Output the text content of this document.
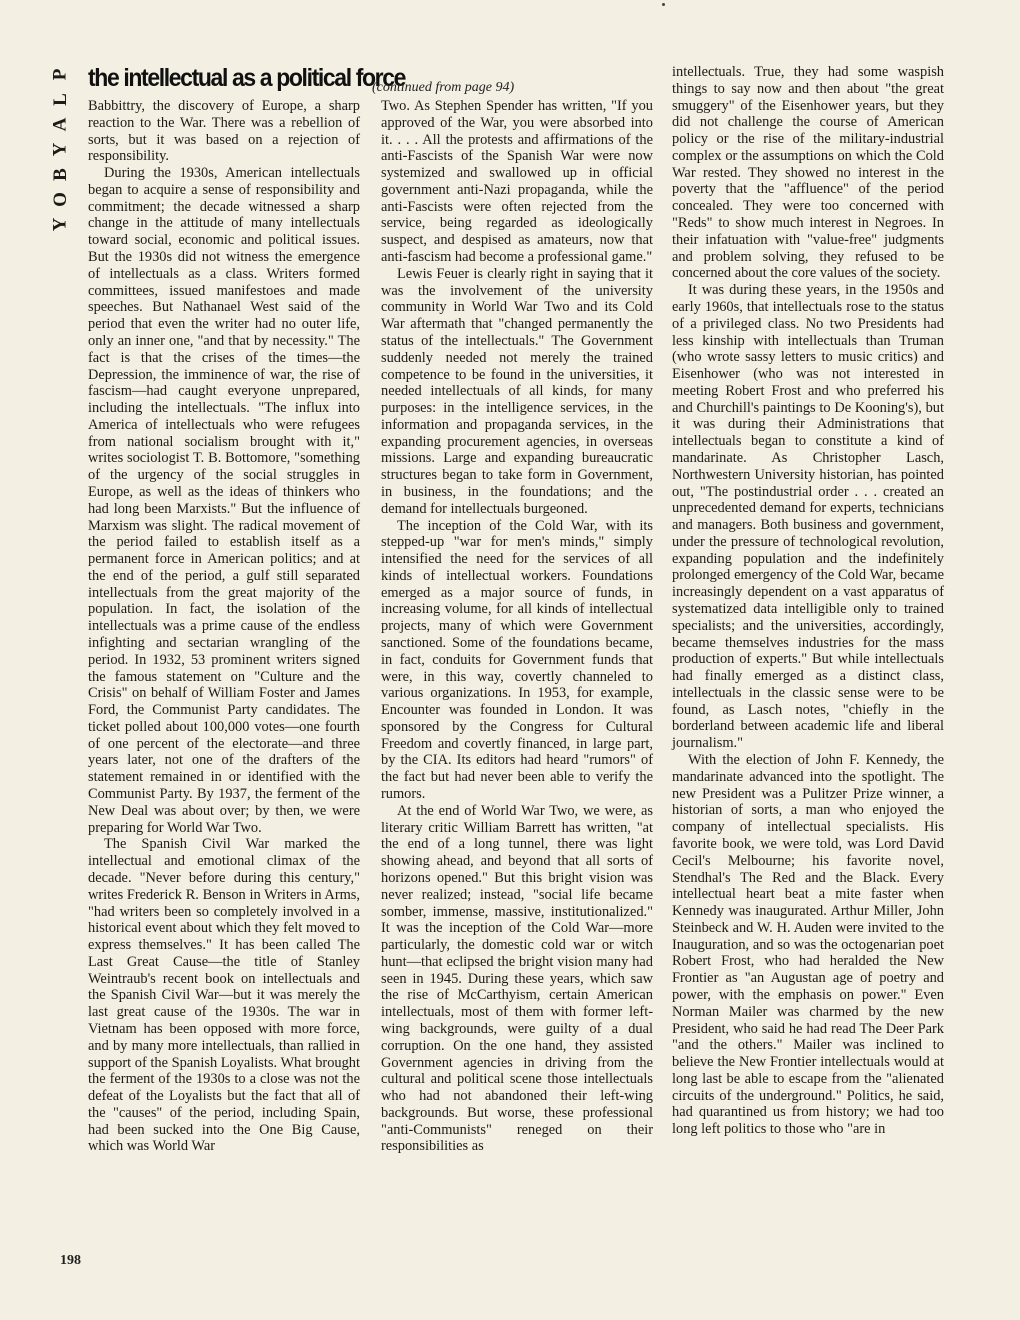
P
L
A
Y
B
O
Y
the intellectual as a political force
(continued from page 94)

Babbittry, the discovery of Europe, a sharp reaction to the War. There was a rebellion of sorts, but it was based on a rejection of responsibility.

During the 1930s, American intellectuals began to acquire a sense of responsibility and commitment; the decade witnessed a sharp change in the attitude of many intellectuals toward social, economic and political issues. But the 1930s did not witness the emergence of intellectuals as a class. Writers formed committees, issued manifestoes and made speeches. But Nathanael West said of the period that even the writer had no outer life, only an inner one, "and that by necessity." The fact is that the crises of the times—the Depression, the imminence of war, the rise of fascism—had caught everyone unprepared, including the intellectuals. "The influx into America of intellectuals who were refugees from national socialism brought with it," writes sociologist T. B. Bottomore, "something of the urgency of the social struggles in Europe, as well as the ideas of thinkers who had long been Marxists." But the influence of Marxism was slight. The radical movement of the period failed to establish itself as a permanent force in American politics; and at the end of the period, a gulf still separated intellectuals from the great majority of the population. In fact, the isolation of the intellectuals was a prime cause of the endless infighting and sectarian wrangling of the period. In 1932, 53 prominent writers signed the famous statement on "Culture and the Crisis" on behalf of William Foster and James Ford, the Communist Party candidates. The ticket polled about 100,000 votes—one fourth of one percent of the electorate—and three years later, not one of the drafters of the statement remained in or identified with the Communist Party. By 1937, the ferment of the New Deal was about over; by then, we were preparing for World War Two.

The Spanish Civil War marked the intellectual and emotional climax of the decade. "Never before during this century," writes Frederick R. Benson in Writers in Arms, "had writers been so completely involved in a historical event about which they felt moved to express themselves." It has been called The Last Great Cause—the title of Stanley Weintraub's recent book on intellectuals and the Spanish Civil War—but it was merely the last great cause of the 1930s. The war in Vietnam has been opposed with more force, and by many more intellectuals, than rallied in support of the Spanish Loyalists. What brought the ferment of the 1930s to a close was not the defeat of the Loyalists but the fact that all of the "causes" of the period, including Spain, had been sucked into the One Big Cause, which was World War

Two. As Stephen Spender has written, "If you approved of the War, you were absorbed into it. . . . All the protests and affirmations of the anti-Fascists of the Spanish War were now systemized and swallowed up in official government anti-Nazi propaganda, while the anti-Fascists were often rejected from the service, being regarded as ideologically suspect, and despised as amateurs, now that anti-fascism had become a professional game."

Lewis Feuer is clearly right in saying that it was the involvement of the university community in World War Two and its Cold War aftermath that "changed permanently the status of the intellectuals." The Government suddenly needed not merely the trained competence to be found in the universities, it needed intellectuals of all kinds, for many purposes: in the intelligence services, in the information and propaganda services, in the expanding procurement agencies, in overseas missions. Large and expanding bureaucratic structures began to take form in Government, in business, in the foundations; and the demand for intellectuals burgeoned.

The inception of the Cold War, with its stepped-up "war for men's minds," simply intensified the need for the services of all kinds of intellectual workers. Foundations emerged as a major source of funds, in increasing volume, for all kinds of intellectual projects, many of which were Government sanctioned. Some of the foundations became, in fact, conduits for Government funds that were, in this way, covertly channeled to various organizations. In 1953, for example, Encounter was founded in London. It was sponsored by the Congress for Cultural Freedom and covertly financed, in large part, by the CIA. Its editors had heard "rumors" of the fact but had never been able to verify the rumors.

At the end of World War Two, we were, as literary critic William Barrett has written, "at the end of a long tunnel, there was light showing ahead, and beyond that all sorts of horizons opened." But this bright vision was never realized; instead, "social life became somber, immense, massive, institutionalized." It was the inception of the Cold War—more particularly, the domestic cold war or witch hunt—that eclipsed the bright vision many had seen in 1945. During these years, which saw the rise of McCarthyism, certain American intellectuals, most of them with former left-wing backgrounds, were guilty of a dual corruption. On the one hand, they assisted Government agencies in driving from the cultural and political scene those intellectuals who had not abandoned their left-wing backgrounds. But worse, these professional "anti-Communists" reneged on their responsibilities as

intellectuals. True, they had some waspish things to say now and then about "the great smuggery" of the Eisenhower years, but they did not challenge the course of American policy or the rise of the military-industrial complex or the assumptions on which the Cold War rested. They showed no interest in the poverty that the "affluence" of the period concealed. They were too concerned with "Reds" to show much interest in Negroes. In their infatuation with "value-free" judgments and problem solving, they refused to be concerned about the core values of the society.

It was during these years, in the 1950s and early 1960s, that intellectuals rose to the status of a privileged class. No two Presidents had less kinship with intellectuals than Truman (who wrote sassy letters to music critics) and Eisenhower (who was not interested in meeting Robert Frost and who preferred his and Churchill's paintings to De Kooning's), but it was during their Administrations that intellectuals began to constitute a kind of mandarinate. As Christopher Lasch, Northwestern University historian, has pointed out, "The postindustrial order . . . created an unprecedented demand for experts, technicians and managers. Both business and government, under the pressure of technological revolution, expanding population and the indefinitely prolonged emergency of the Cold War, became increasingly dependent on a vast apparatus of systematized data intelligible only to trained specialists; and the universities, accordingly, became themselves industries for the mass production of experts." But while intellectuals had finally emerged as a distinct class, intellectuals in the classic sense were to be found, as Lasch notes, "chiefly in the borderland between academic life and liberal journalism."

With the election of John F. Kennedy, the mandarinate advanced into the spotlight. The new President was a Pulitzer Prize winner, a historian of sorts, a man who enjoyed the company of intellectual specialists. His favorite book, we were told, was Lord David Cecil's Melbourne; his favorite novel, Stendhal's The Red and the Black. Every intellectual heart beat a mite faster when Kennedy was inaugurated. Arthur Miller, John Steinbeck and W. H. Auden were invited to the Inauguration, and so was the octogenarian poet Robert Frost, who had heralded the New Frontier as "an Augustan age of poetry and power, with the emphasis on power." Even Norman Mailer was charmed by the new President, who said he had read The Deer Park "and the others." Mailer was inclined to believe the New Frontier intellectuals would at long last be able to escape from the "alienated circuits of the underground." Politics, he said, had quarantined us from history; we had too long left politics to those who "are in

198
